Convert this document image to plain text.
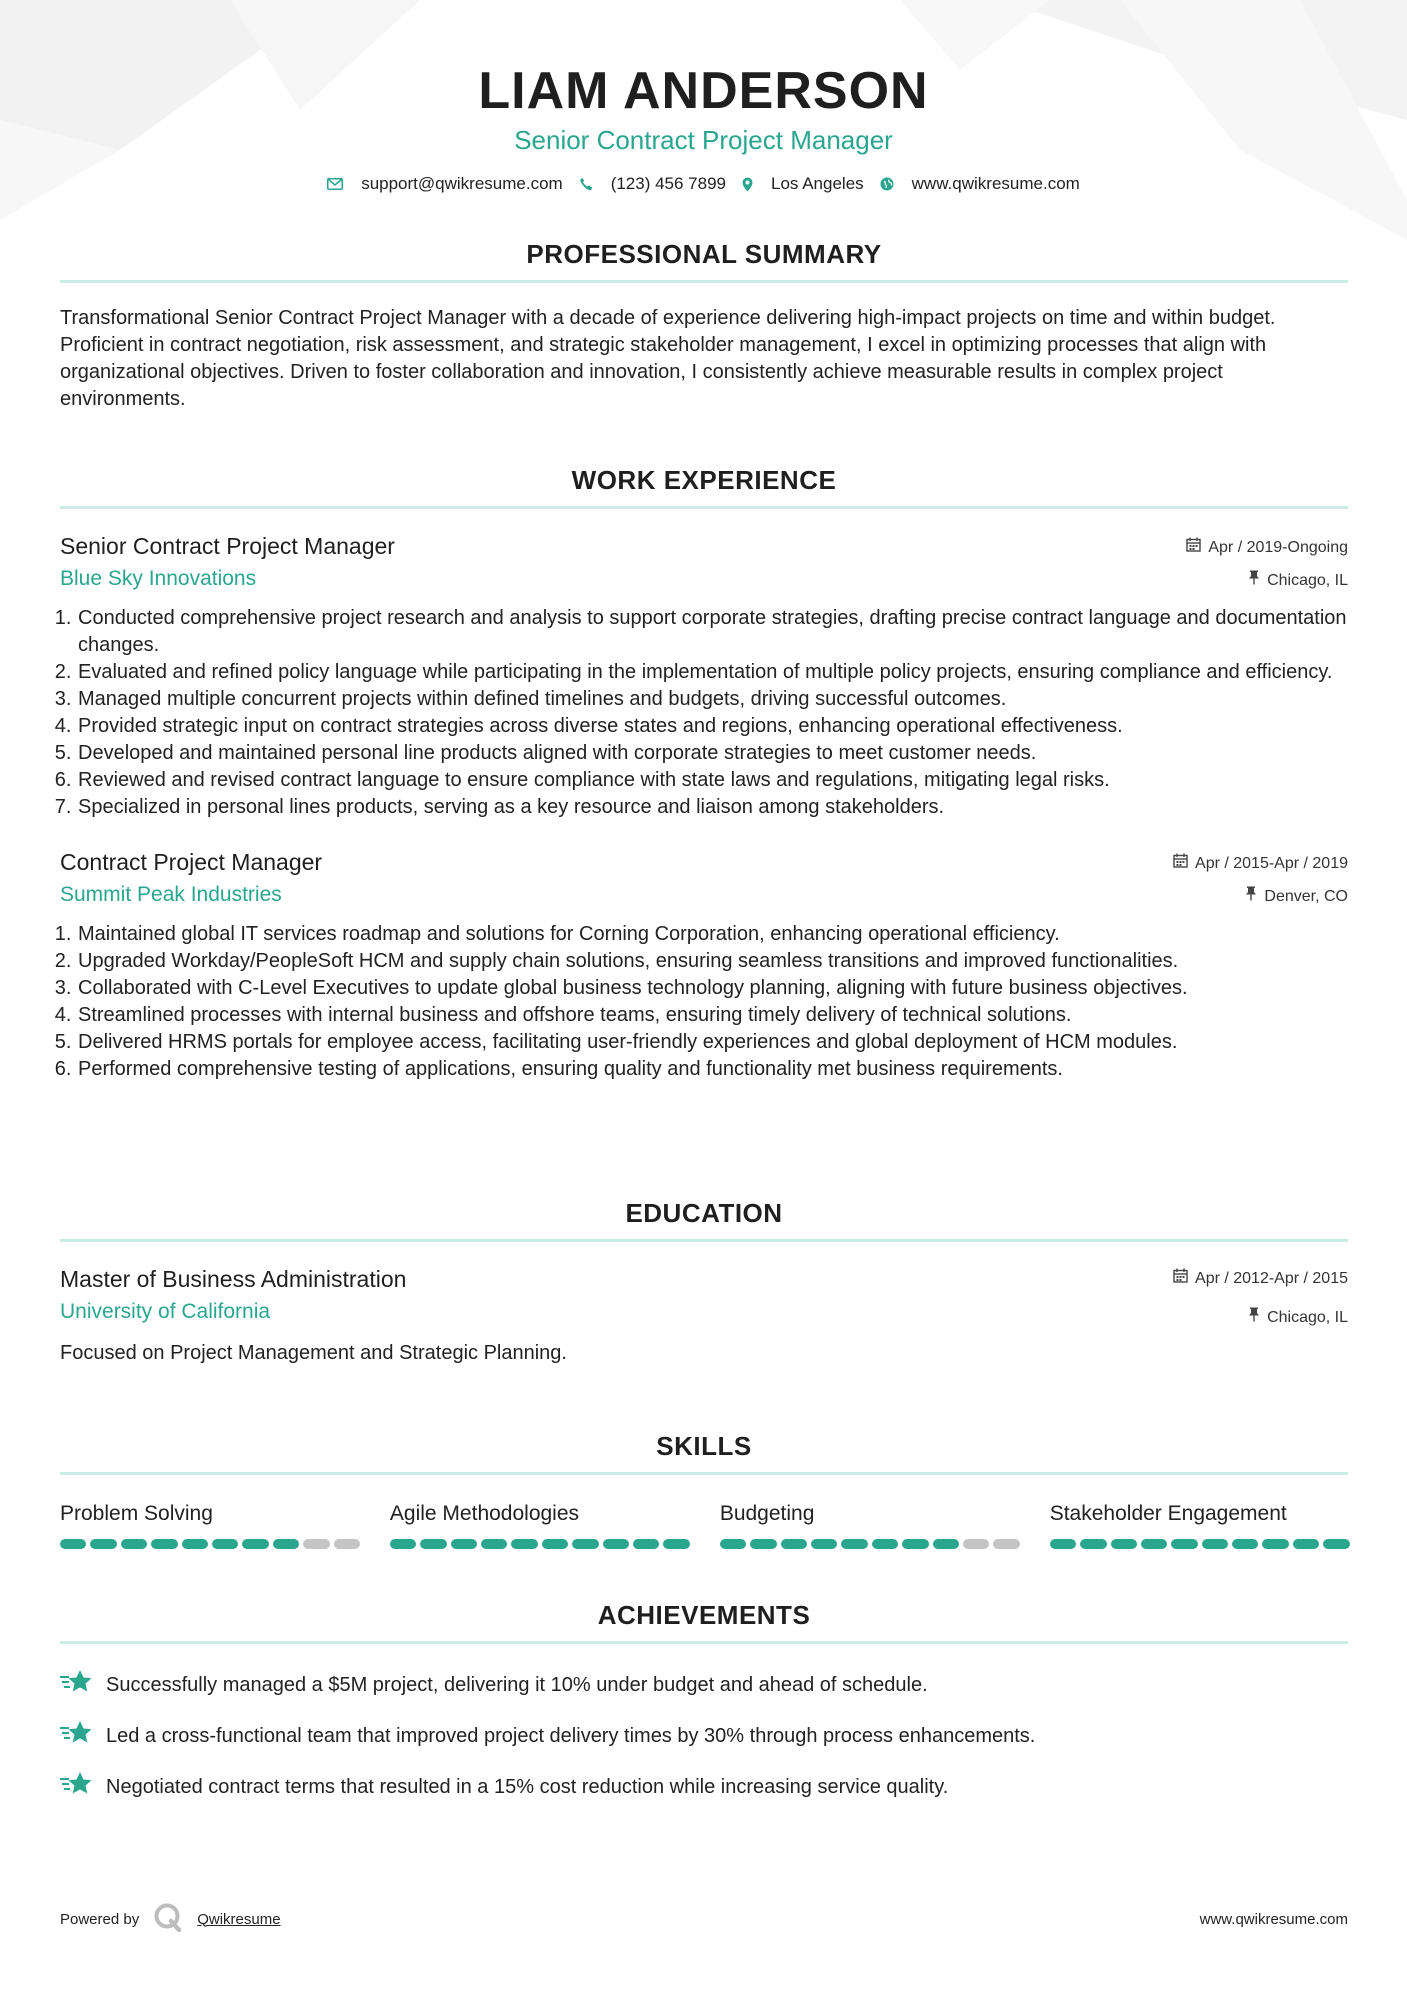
LIAM ANDERSON
Senior Contract Project Manager
support@qwikresume.com	(123) 456 7899	Los Angeles	www.qwikresume.com
PROFESSIONAL SUMMARY
Transformational Senior Contract Project Manager with a decade of experience delivering high-impact projects on time and within budget. Proficient in contract negotiation, risk assessment, and strategic stakeholder management, I excel in optimizing processes that align with organizational objectives. Driven to foster collaboration and innovation, I consistently achieve measurable results in complex project environments.
WORK EXPERIENCE
Senior Contract Project Manager
Blue Sky Innovations
Apr / 2019-Ongoing
Chicago, IL
1. Conducted comprehensive project research and analysis to support corporate strategies, drafting precise contract language and documentation changes.
2. Evaluated and refined policy language while participating in the implementation of multiple policy projects, ensuring compliance and efficiency.
3. Managed multiple concurrent projects within defined timelines and budgets, driving successful outcomes.
4. Provided strategic input on contract strategies across diverse states and regions, enhancing operational effectiveness.
5. Developed and maintained personal line products aligned with corporate strategies to meet customer needs.
6. Reviewed and revised contract language to ensure compliance with state laws and regulations, mitigating legal risks.
7. Specialized in personal lines products, serving as a key resource and liaison among stakeholders.
Contract Project Manager
Summit Peak Industries
Apr / 2015-Apr / 2019
Denver, CO
1. Maintained global IT services roadmap and solutions for Corning Corporation, enhancing operational efficiency.
2. Upgraded Workday/PeopleSoft HCM and supply chain solutions, ensuring seamless transitions and improved functionalities.
3. Collaborated with C-Level Executives to update global business technology planning, aligning with future business objectives.
4. Streamlined processes with internal business and offshore teams, ensuring timely delivery of technical solutions.
5. Delivered HRMS portals for employee access, facilitating user-friendly experiences and global deployment of HCM modules.
6. Performed comprehensive testing of applications, ensuring quality and functionality met business requirements.
EDUCATION
Master of Business Administration
University of California
Apr / 2012-Apr / 2015
Chicago, IL
Focused on Project Management and Strategic Planning.
SKILLS
Problem Solving	Agile Methodologies	Budgeting	Stakeholder Engagement
ACHIEVEMENTS
Successfully managed a $5M project, delivering it 10% under budget and ahead of schedule.
Led a cross-functional team that improved project delivery times by 30% through process enhancements.
Negotiated contract terms that resulted in a 15% cost reduction while increasing service quality.
Powered by	Qwikresume	www.qwikresume.com
